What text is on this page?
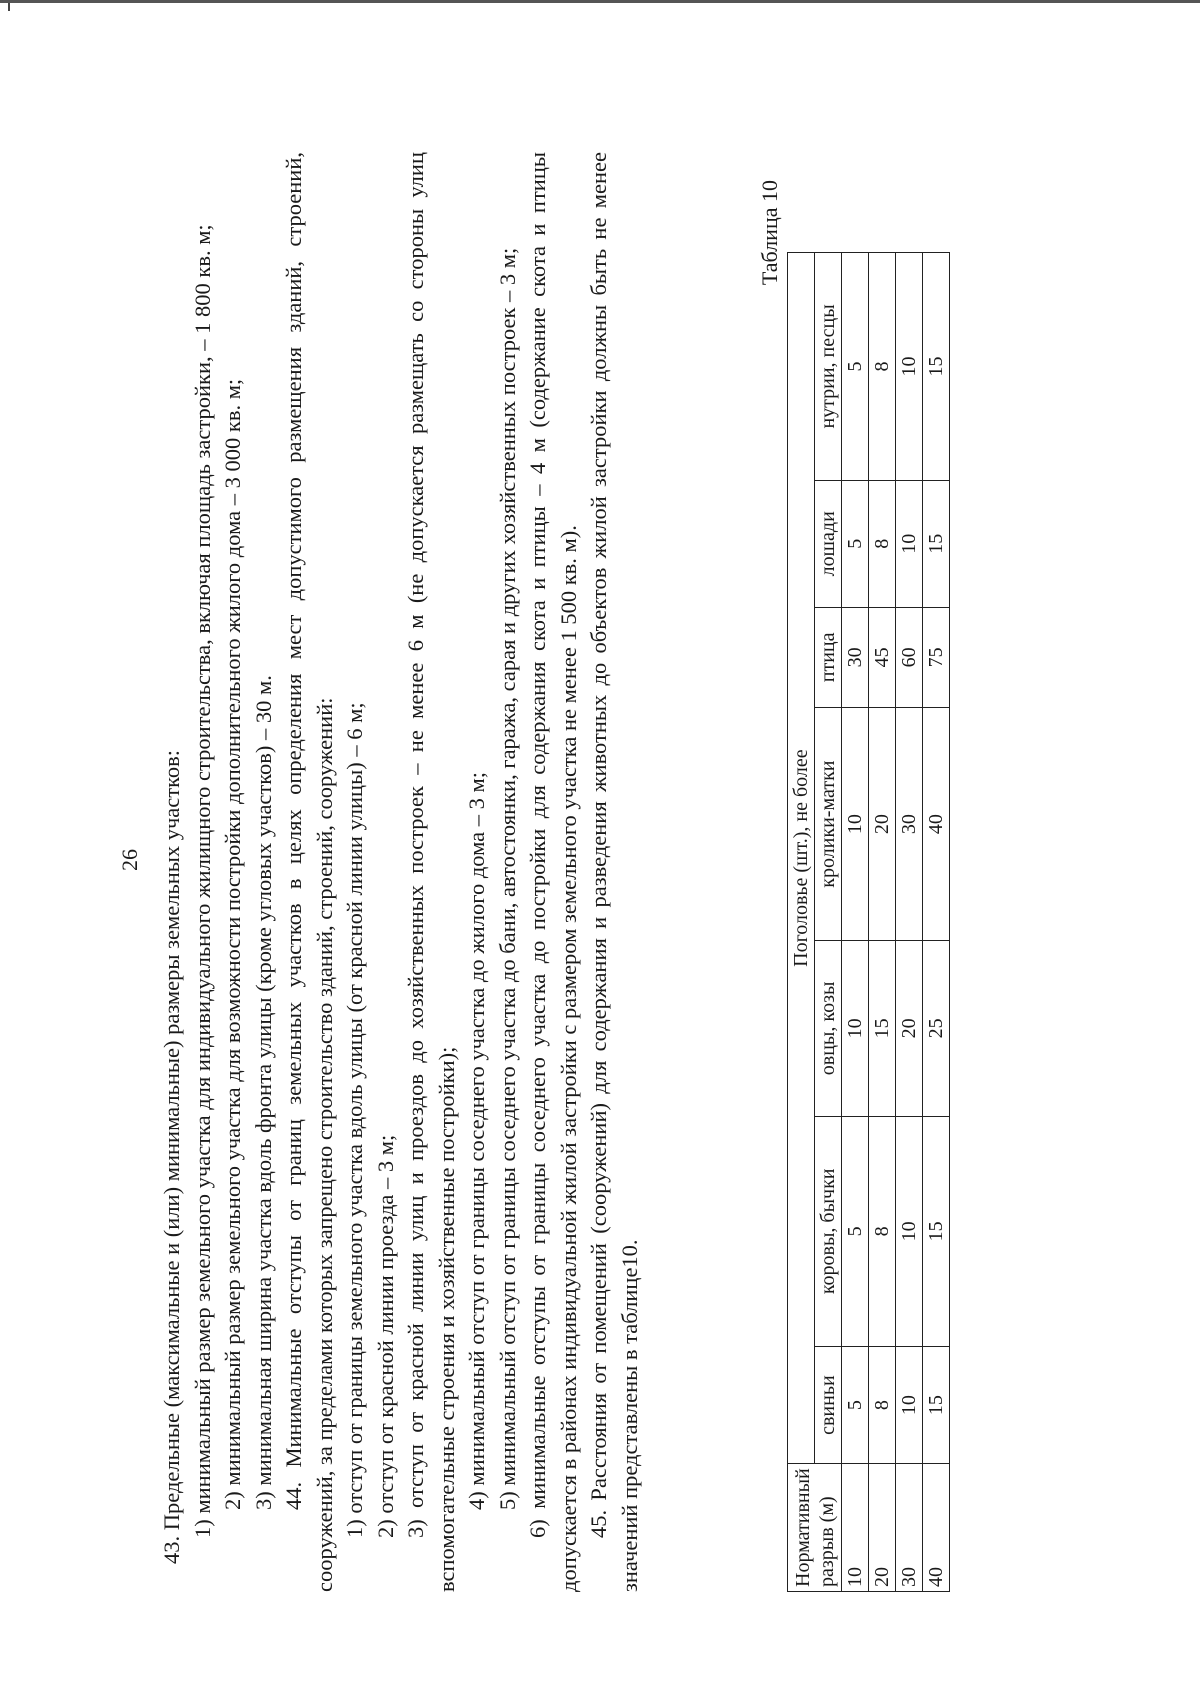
26 43. Предельные (максимальные и (или) минимальные) размеры земельных участков: 1) минимальный размер земельного участка для индивидуального жилищного строительства, включая площадь застройки, – 1 800 кв. м; 2) минимальный размер земельного участка для возможности постройки дополнительного жилого дома – 3 000 кв. м; 3) минимальная ширина участка вдоль фронта улицы (кроме угловых участков) – 30 м. 44. Минимальные отступы от границ земельных участков в целях определения мест допустимого размещения зданий, строений, сооружений, за пределами которых запрещено строительство зданий, строений, сооружений: 1) отступ от границы земельного участка вдоль улицы (от красной линии улицы) – 6 м; 2) отступ от красной линии проезда – 3 м; 3) отступ от красной линии улиц и проездов до хозяйственных построек – не менее 6 м (не допускается размещать со стороны улиц вспомогательные строения и хозяйственные постройки); 4) минимальный отступ от границы соседнего участка до жилого дома – 3 м; 5) минимальный отступ от границы соседнего участка до бани, автостоянки, гаража, сарая и других хозяйственных построек – 3 м; 6) минимальные отступы от границы соседнего участка до постройки для содержания скота и птицы – 4 м (содержание скота и птицы допускается в районах индивидуальной жилой застройки с размером земельного участка не менее 1 500 кв. м). 45. Расстояния от помещений (сооружений) для содержания и разведения животных до объектов жилой застройки должны быть не менее значений представлены в таблице10.

Таблица 10
Нормативный разрыв (м)	Поголовье (шт.), не более						
	свиньи	коровы, бычки	овцы, козы	кролики-матки	птица	лошади	нутрии, песцы
10	5	5	10	10	30	5	5
20	8	8	15	20	45	8	8
30	10	10	20	30	60	10	10
40	15	15	25	40	75	15	15
